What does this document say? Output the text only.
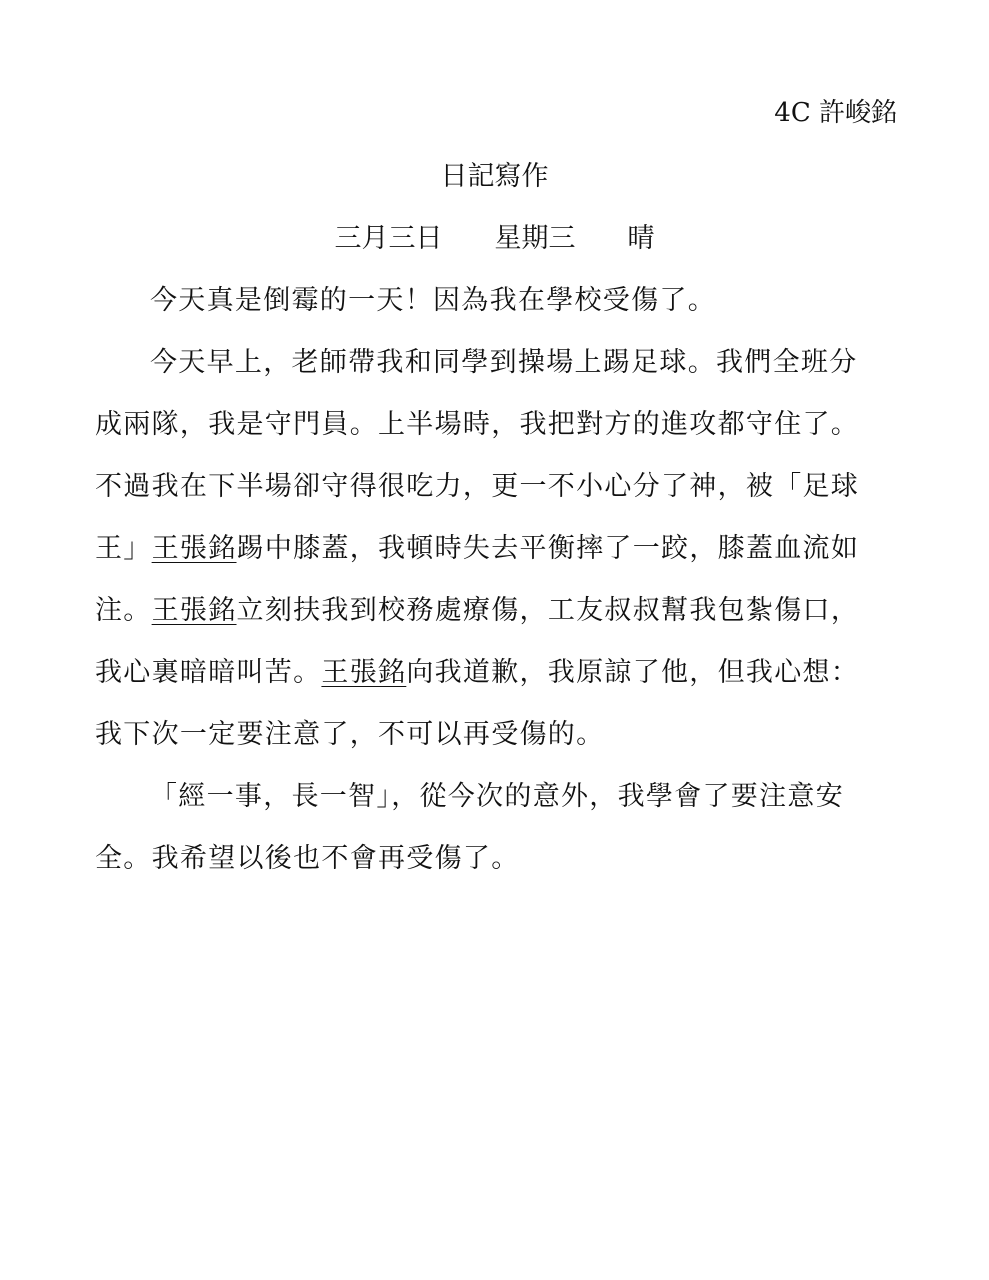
4C 許峻銘

日記寫作

三月三日 星期三 晴

今天真是倒霉的一天！因為我在學校受傷了。

今天早上，老師帶我和同學到操場上踢足球。我們全班分

成兩隊，我是守門員。上半場時，我把對方的進攻都守住了。

不過我在下半場卻守得很吃力，更一不小心分了神，被「足球

王」王張銘踢中膝蓋，我頓時失去平衡摔了一跤，膝蓋血流如

注。王張銘立刻扶我到校務處療傷，工友叔叔幫我包紮傷口，

我心裏暗暗叫苦。王張銘向我道歉，我原諒了他，但我心想：

我下次一定要注意了，不可以再受傷的。

「經一事，長一智」，從今次的意外，我學會了要注意安

全。我希望以後也不會再受傷了。
